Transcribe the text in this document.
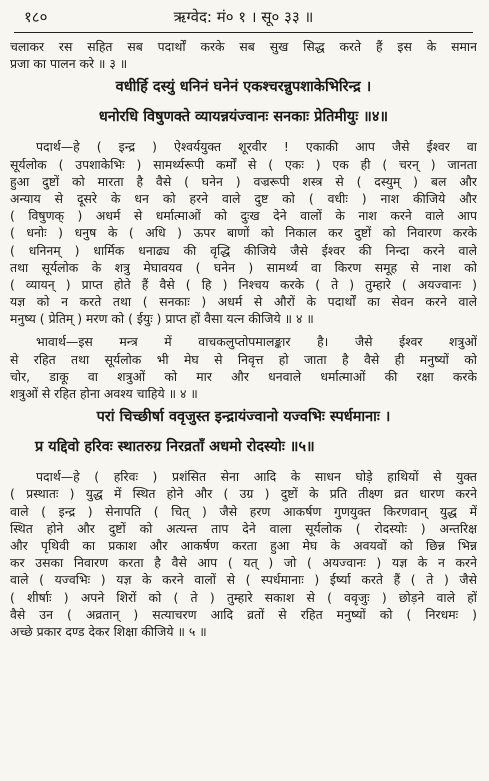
१८०	ऋग्वेद: मं० १ । सू० ३३ ॥
चलाकर रस सहित सब पदार्थों करके सब सुख सिद्ध करते हैं इस के समान
प्रजा का पालन करे ॥ ३ ॥
वधीर्हि दस्युं धनिनं घनेनं एकश्चरन्नुपशाकेभिरिन्द्र ।
धनोरधि विषुणक्ते व्यायन्नयंज्वानः सनकाः प्रेतिमीयुः ॥४॥
पदार्थ—हे ( इन्द्र ) ऐश्वर्ययुक्त शूरवीर ! एकाकी आप जैसे ईश्वर वा
सूर्यलोक ( उपशाकेभिः ) सामर्थ्यरूपी कर्मों से ( एकः ) एक ही ( चरन् ) जानता
हुआ दुष्टों को मारता है वैसे ( घनेन ) वज्ररूपी शस्त्र से ( दस्युम् ) बल और
अन्याय से दूसरे के धन को हरने वाले दुष्ट को ( वधीः ) नाश कीजिये और
( विषुणक् ) अधर्म से धर्मात्माओं को दुःख देने वालों के नाश करने वाले आप
( धनोः ) धनुष के ( अधि ) ऊपर बाणों को निकाल कर दुष्टों को निवारण करके
( धनिनम् ) धार्मिक धनाढ्य की वृद्धि कीजिये जैसे ईश्वर की निन्दा करने वाले
तथा सूर्यलोक के शत्रु मेघावयव ( घनेन ) सामर्थ्य वा किरण समूह से नाश को
( व्यायन् ) प्राप्त होते हैं वैसे ( हि ) निश्चय करके ( ते ) तुम्हारे ( अयज्वानः )
यज्ञ को न करते तथा ( सनकाः ) अधर्म से औरों के पदार्थों का सेवन करने वाले
मनुष्य ( प्रेतिम् ) मरण को ( ईयुः ) प्राप्त हों वैसा यत्न कीजिये ॥ ४ ॥
भावार्थ—इस मन्त्र में वाचकलुप्तोपमालङ्कार है। जैसे ईश्वर शत्रुओं
से रहित तथा सूर्यलोक भी मेघ से निवृत्त हो जाता है वैसे ही मनुष्यों को
चोर, डाकू वा शत्रुओं को मार और धनवाले धर्मात्माओं की रक्षा करके
शत्रुओं से रहित होना अवश्य चाहिये ॥ ४ ॥
परां चिच्छीर्षा ववृजुस्त इन्द्रायंज्वानो यज्वभिः स्पर्धमानाः ।
प्र यद्दिवो हरिवः स्थातरुग्र निरव्रताँ अधमो रोदस्योः ॥५॥
पदार्थ—हे ( हरिवः ) प्रशंसित सेना आदि के साधन घोड़े हाथियों से युक्त
( प्रस्थातः ) युद्ध में स्थित होने और ( उग्र ) दुष्टों के प्रति तीक्ष्ण व्रत धारण करने
वाले ( इन्द्र ) सेनापति ( चित् ) जैसे हरण आकर्षण गुणयुक्त किरणवान् युद्ध में
स्थित होने और दुष्टों को अत्यन्त ताप देने वाला सूर्यलोक ( रोदस्योः ) अन्तरिक्ष
और पृथिवी का प्रकाश और आकर्षण करता हुआ मेघ के अवयवों को छिन्न भिन्न
कर उसका निवारण करता है वैसे आप ( यत् ) जो ( अयज्वानः ) यज्ञ के न करने
वाले ( यज्वभिः ) यज्ञ के करने वालों से ( स्पर्धमानाः ) ईर्ष्या करते हैं ( ते ) जैसे
( शीर्षाः ) अपने शिरों को ( ते ) तुम्हारे सकाश से ( ववृजुः ) छोड़ने वाले हों
वैसे उन ( अव्रतान् ) सत्याचरण आदि व्रतों से रहित मनुष्यों को ( निरधमः )
अच्छे प्रकार दण्ड देकर शिक्षा कीजिये ॥ ५ ॥
